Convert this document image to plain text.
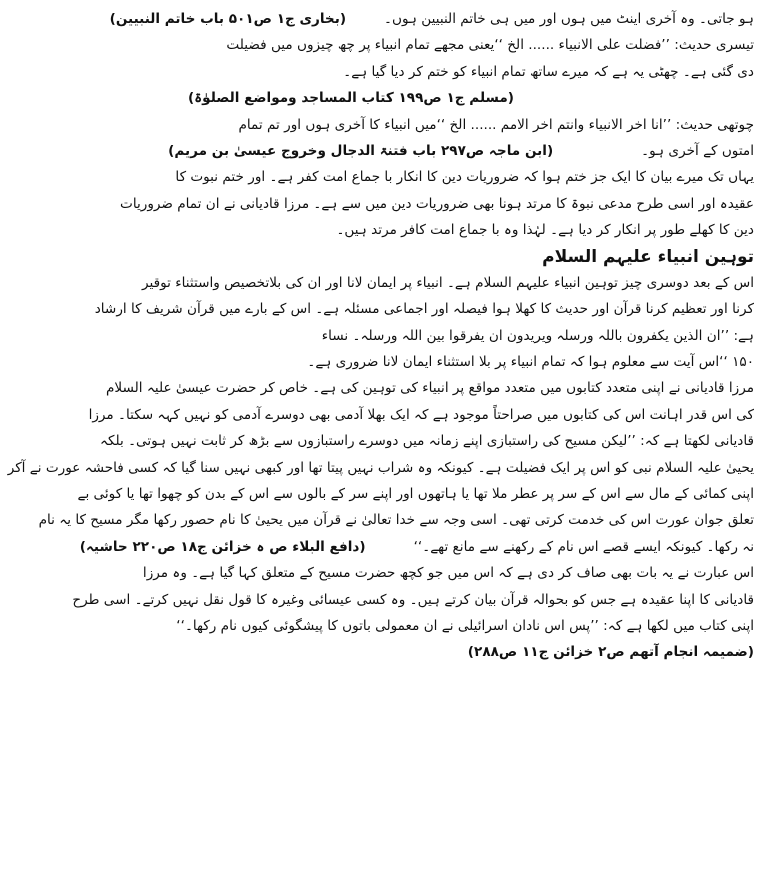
ہو جاتی۔ وہ آخری اینٹ میں ہوں اور میں ہی خاتم النبیین ہوں۔(بخاری ج۱ ص۵۰۱ باب خاتم النبیین)
تیسری حدیث: ’’فضلت علی الانبیاء ...... الخ ‘‘یعنی مجھے تمام انبیاء پر چھ چیزوں میں فضیلت
دی گئی ہے۔ چھٹی یہ ہے کہ میرے ساتھ تمام انبیاء کو ختم کر دیا گیا ہے۔
(مسلم ج۱ ص۱۹۹ کتاب المساجد ومواضع الصلوٰۃ)
چوتھی حدیث: ’’انا اخر الانبیاء وانتم اخر الامم ...... الخ ‘‘میں انبیاء کا آخری ہوں اور تم تمام
امتوں کے آخری ہو۔(ابن ماجہ ص۲۹۷ باب فتنۃ الدجال وخروج عیسیٰ بن مریم)
یہاں تک میرے بیان کا ایک جز ختم ہوا کہ ضروریات دین کا انکار با جماع امت کفر ہے۔ اور ختم نبوت کا
عقیدہ اور اسی طرح مدعی نبوۃ کا مرتد ہونا بھی ضروریات دین میں سے ہے۔ مرزا قادیانی نے ان تمام ضروریات
دین کا کھلے طور پر انکار کر دیا ہے۔ لہٰذا وہ با جماع امت کافر مرتد ہیں۔
توہین انبیاء علیہم السلام
اس کے بعد دوسری چیز توہین انبیاء علیہم السلام ہے۔ انبیاء پر ایمان لانا اور ان کی بلاتخصیص واستثناء توقیر
کرنا اور تعظیم کرنا قرآن اور حدیث کا کھلا ہوا فیصلہ اور اجماعی مسئلہ ہے۔ اس کے بارے میں قرآن شریف کا ارشاد
ہے: ’’ان الذین یکفرون باللہ ورسلہ ویریدون ان یفرقوا بین اللہ ورسلہ۔ نساء
۱۵۰ ‘‘اس آیت سے معلوم ہوا کہ تمام انبیاء پر بلا استثناء ایمان لانا ضروری ہے۔
مرزا قادیانی نے اپنی متعدد کتابوں میں متعدد مواقع پر انبیاء کی توہین کی ہے۔ خاص کر حضرت عیسیٰ علیہ السلام
کی اس قدر اہانت اس کی کتابوں میں صراحتاً موجود ہے کہ ایک بھلا آدمی بھی دوسرے آدمی کو نہیں کہہ سکتا۔ مرزا
قادیانی لکھتا ہے کہ: ’’لیکن مسیح کی راستبازی اپنے زمانہ میں دوسرے راستبازوں سے بڑھ کر ثابت نہیں ہوتی۔ بلکہ
یحییٰ علیہ السلام نبی کو اس پر ایک فضیلت ہے۔ کیونکہ وہ شراب نہیں پیتا تھا اور کبھی نہیں سنا گیا کہ کسی فاحشہ عورت نے آکر
اپنی کمائی کے مال سے اس کے سر پر عطر ملا تھا یا ہاتھوں اور اپنے سر کے بالوں سے اس کے بدن کو چھوا تھا یا کوئی بے
تعلق جوان عورت اس کی خدمت کرتی تھی۔ اسی وجہ سے خدا تعالیٰ نے قرآن میں یحییٰ کا نام حصور رکھا مگر مسیح کا یہ نام
نہ رکھا۔ کیونکہ ایسے قصے اس نام کے رکھنے سے مانع تھے۔‘‘(دافع البلاء ص ہ خزائن ج۱۸ ص۲۲۰ حاشیہ)
اس عبارت نے یہ بات بھی صاف کر دی ہے کہ اس میں جو کچھ حضرت مسیح کے متعلق کہا گیا ہے۔ وہ مرزا
قادیانی کا اپنا عقیدہ ہے جس کو بحوالہ قرآن بیان کرتے ہیں۔ وہ کسی عیسائی وغیرہ کا قول نقل نہیں کرتے۔ اسی طرح
اپنی کتاب میں لکھا ہے کہ: ’’پس اس نادان اسرائیلی نے ان معمولی باتوں کا پیشگوئی کیوں نام رکھا۔‘‘
(ضمیمہ انجام آتھم ص۲ خزائن ج۱۱ ص۲۸۸)
